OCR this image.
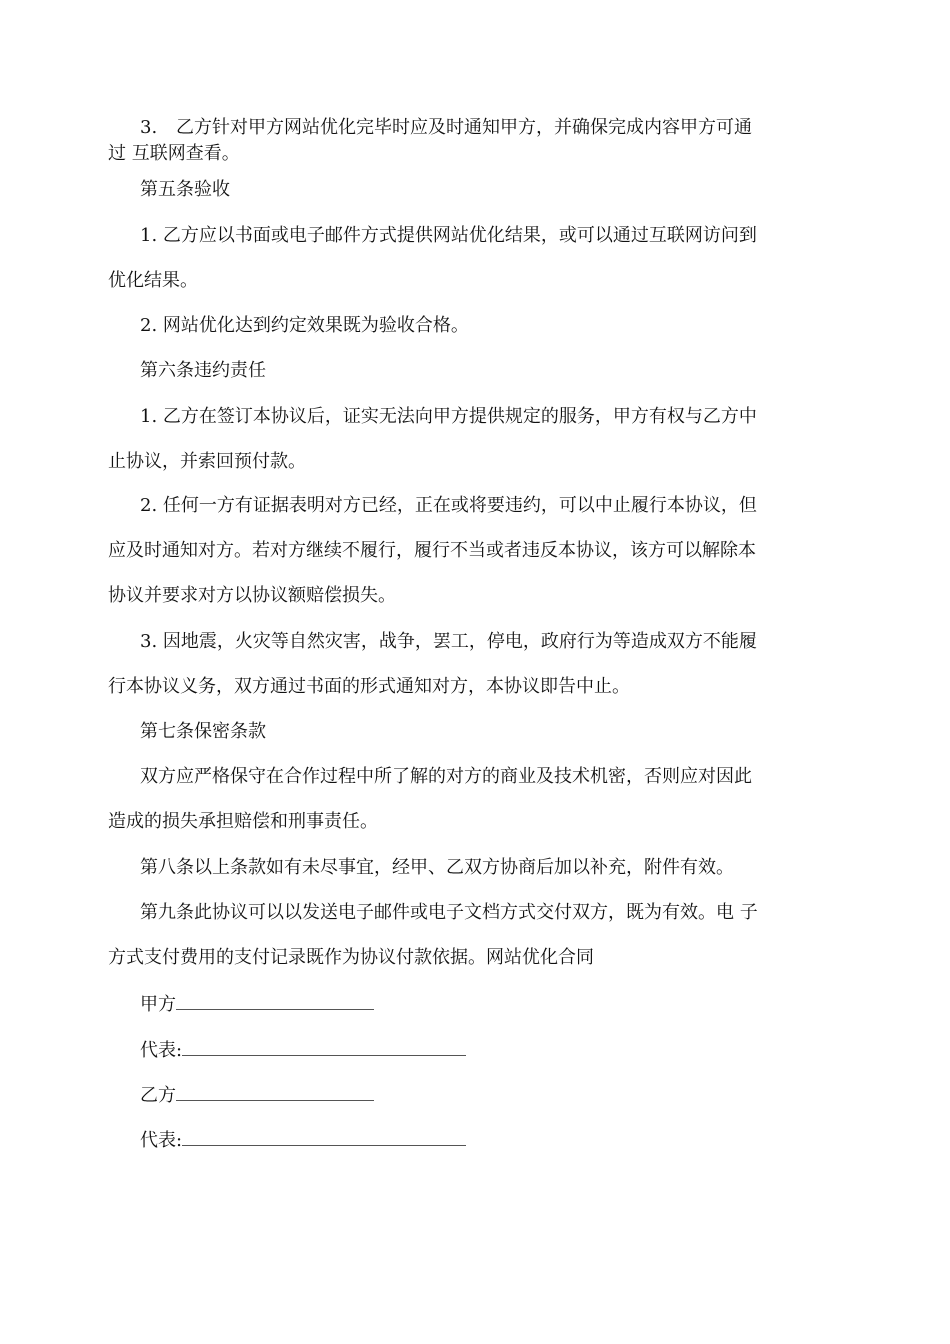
3. 乙方针对甲方网站优化完毕时应及时通知甲方，并确保完成内容甲方可通
过 互联网查看。
第五条验收
1. 乙方应以书面或电子邮件方式提供网站优化结果，或可以通过互联网访问到
优化结果。
2. 网站优化达到约定效果既为验收合格。
第六条违约责任
1. 乙方在签订本协议后，证实无法向甲方提供规定的服务，甲方有权与乙方中
止协议，并索回预付款。
2. 任何一方有证据表明对方已经，正在或将要违约，可以中止履行本协议，但
应及时通知对方。若对方继续不履行，履行不当或者违反本协议，该方可以解除本
协议并要求对方以协议额赔偿损失。
3. 因地震，火灾等自然灾害，战争，罢工，停电，政府行为等造成双方不能履
行本协议义务，双方通过书面的形式通知对方，本协议即告中止。
第七条保密条款
双方应严格保守在合作过程中所了解的对方的商业及技术机密，否则应对因此
造成的损失承担赔偿和刑事责任。
第八条以上条款如有未尽事宜，经甲、乙双方协商后加以补充，附件有效。
第九条此协议可以以发送电子邮件或电子文档方式交付双方，既为有效。电 子
方式支付费用的支付记录既作为协议付款依据。网站优化合同
甲方
代表:
乙方
代表:
